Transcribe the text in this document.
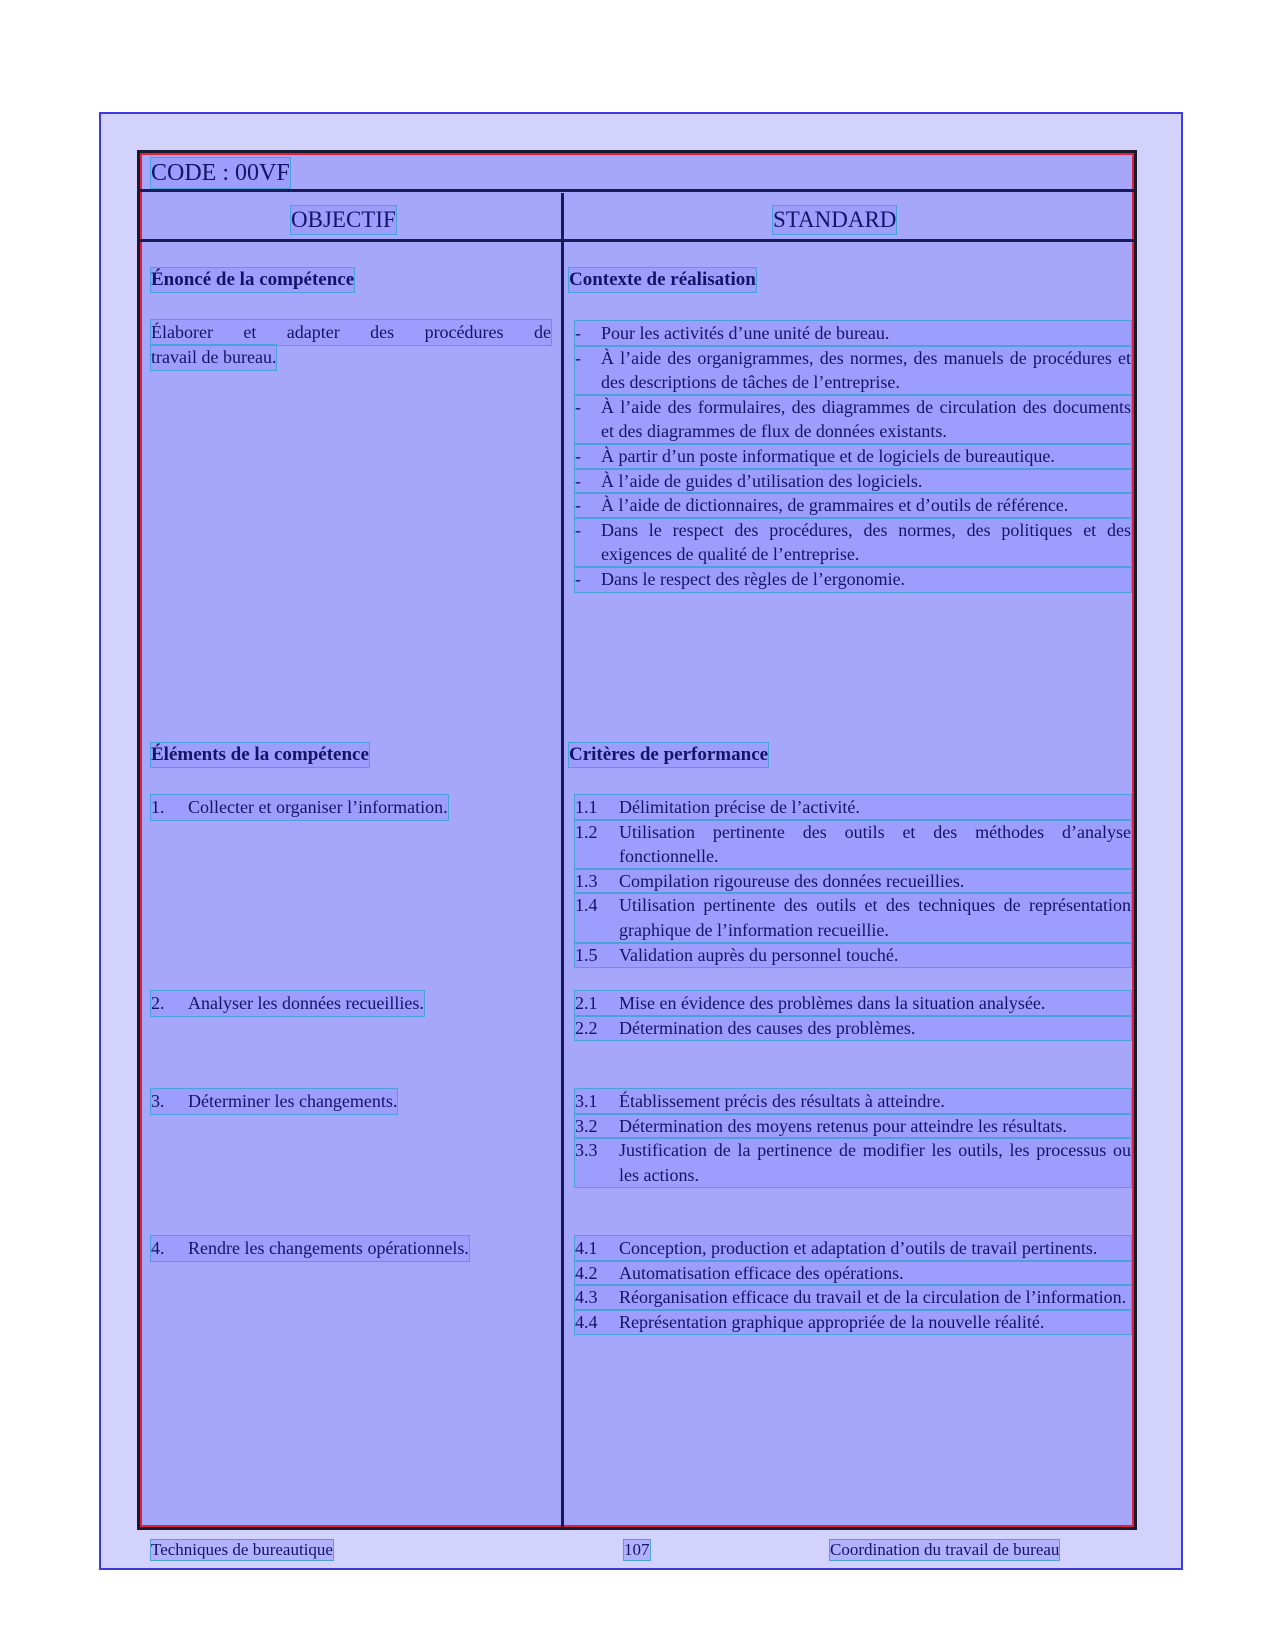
CODE : 00VF
OBJECTIF	STANDARD
Énoncé de la compétence	Contexte de réalisation
Élaborer et adapter des procédures de
travail de bureau.
-	Pour les activités d’une unité de bureau.
-	À l’aide des organigrammes, des normes, des manuels de procédures et des descriptions de tâches de l’entreprise.
-	À l’aide des formulaires, des diagrammes de circulation des documents et des diagrammes de flux de données existants.
-	À partir d’un poste informatique et de logiciels de bureautique.
-	À l’aide de guides d’utilisation des logiciels.
-	À l’aide de dictionnaires, de grammaires et d’outils de référence.
-	Dans le respect des procédures, des normes, des politiques et des exigences de qualité de l’entreprise.
-	Dans le respect des règles de l’ergonomie.
Éléments de la compétence	Critères de performance
1.	Collecter et organiser l’information.	1.1	Délimitation précise de l’activité.
1.2	Utilisation pertinente des outils et des méthodes d’analyse fonctionnelle.
1.3	Compilation rigoureuse des données recueillies.
1.4	Utilisation pertinente des outils et des techniques de représentation graphique de l’information recueillie.
1.5	Validation auprès du personnel touché.
2.	Analyser les données recueillies.	2.1	Mise en évidence des problèmes dans la situation analysée.
2.2	Détermination des causes des problèmes.
3.	Déterminer les changements.	3.1	Établissement précis des résultats à atteindre.
3.2	Détermination des moyens retenus pour atteindre les résultats.
3.3	Justification de la pertinence de modifier les outils, les processus ou les actions.
4.	Rendre les changements opérationnels.	4.1	Conception, production et adaptation d’outils de travail pertinents.
4.2	Automatisation efficace des opérations.
4.3	Réorganisation efficace du travail et de la circulation de l’information.
4.4	Représentation graphique appropriée de la nouvelle réalité.
Techniques de bureautique	107	Coordination du travail de bureau
